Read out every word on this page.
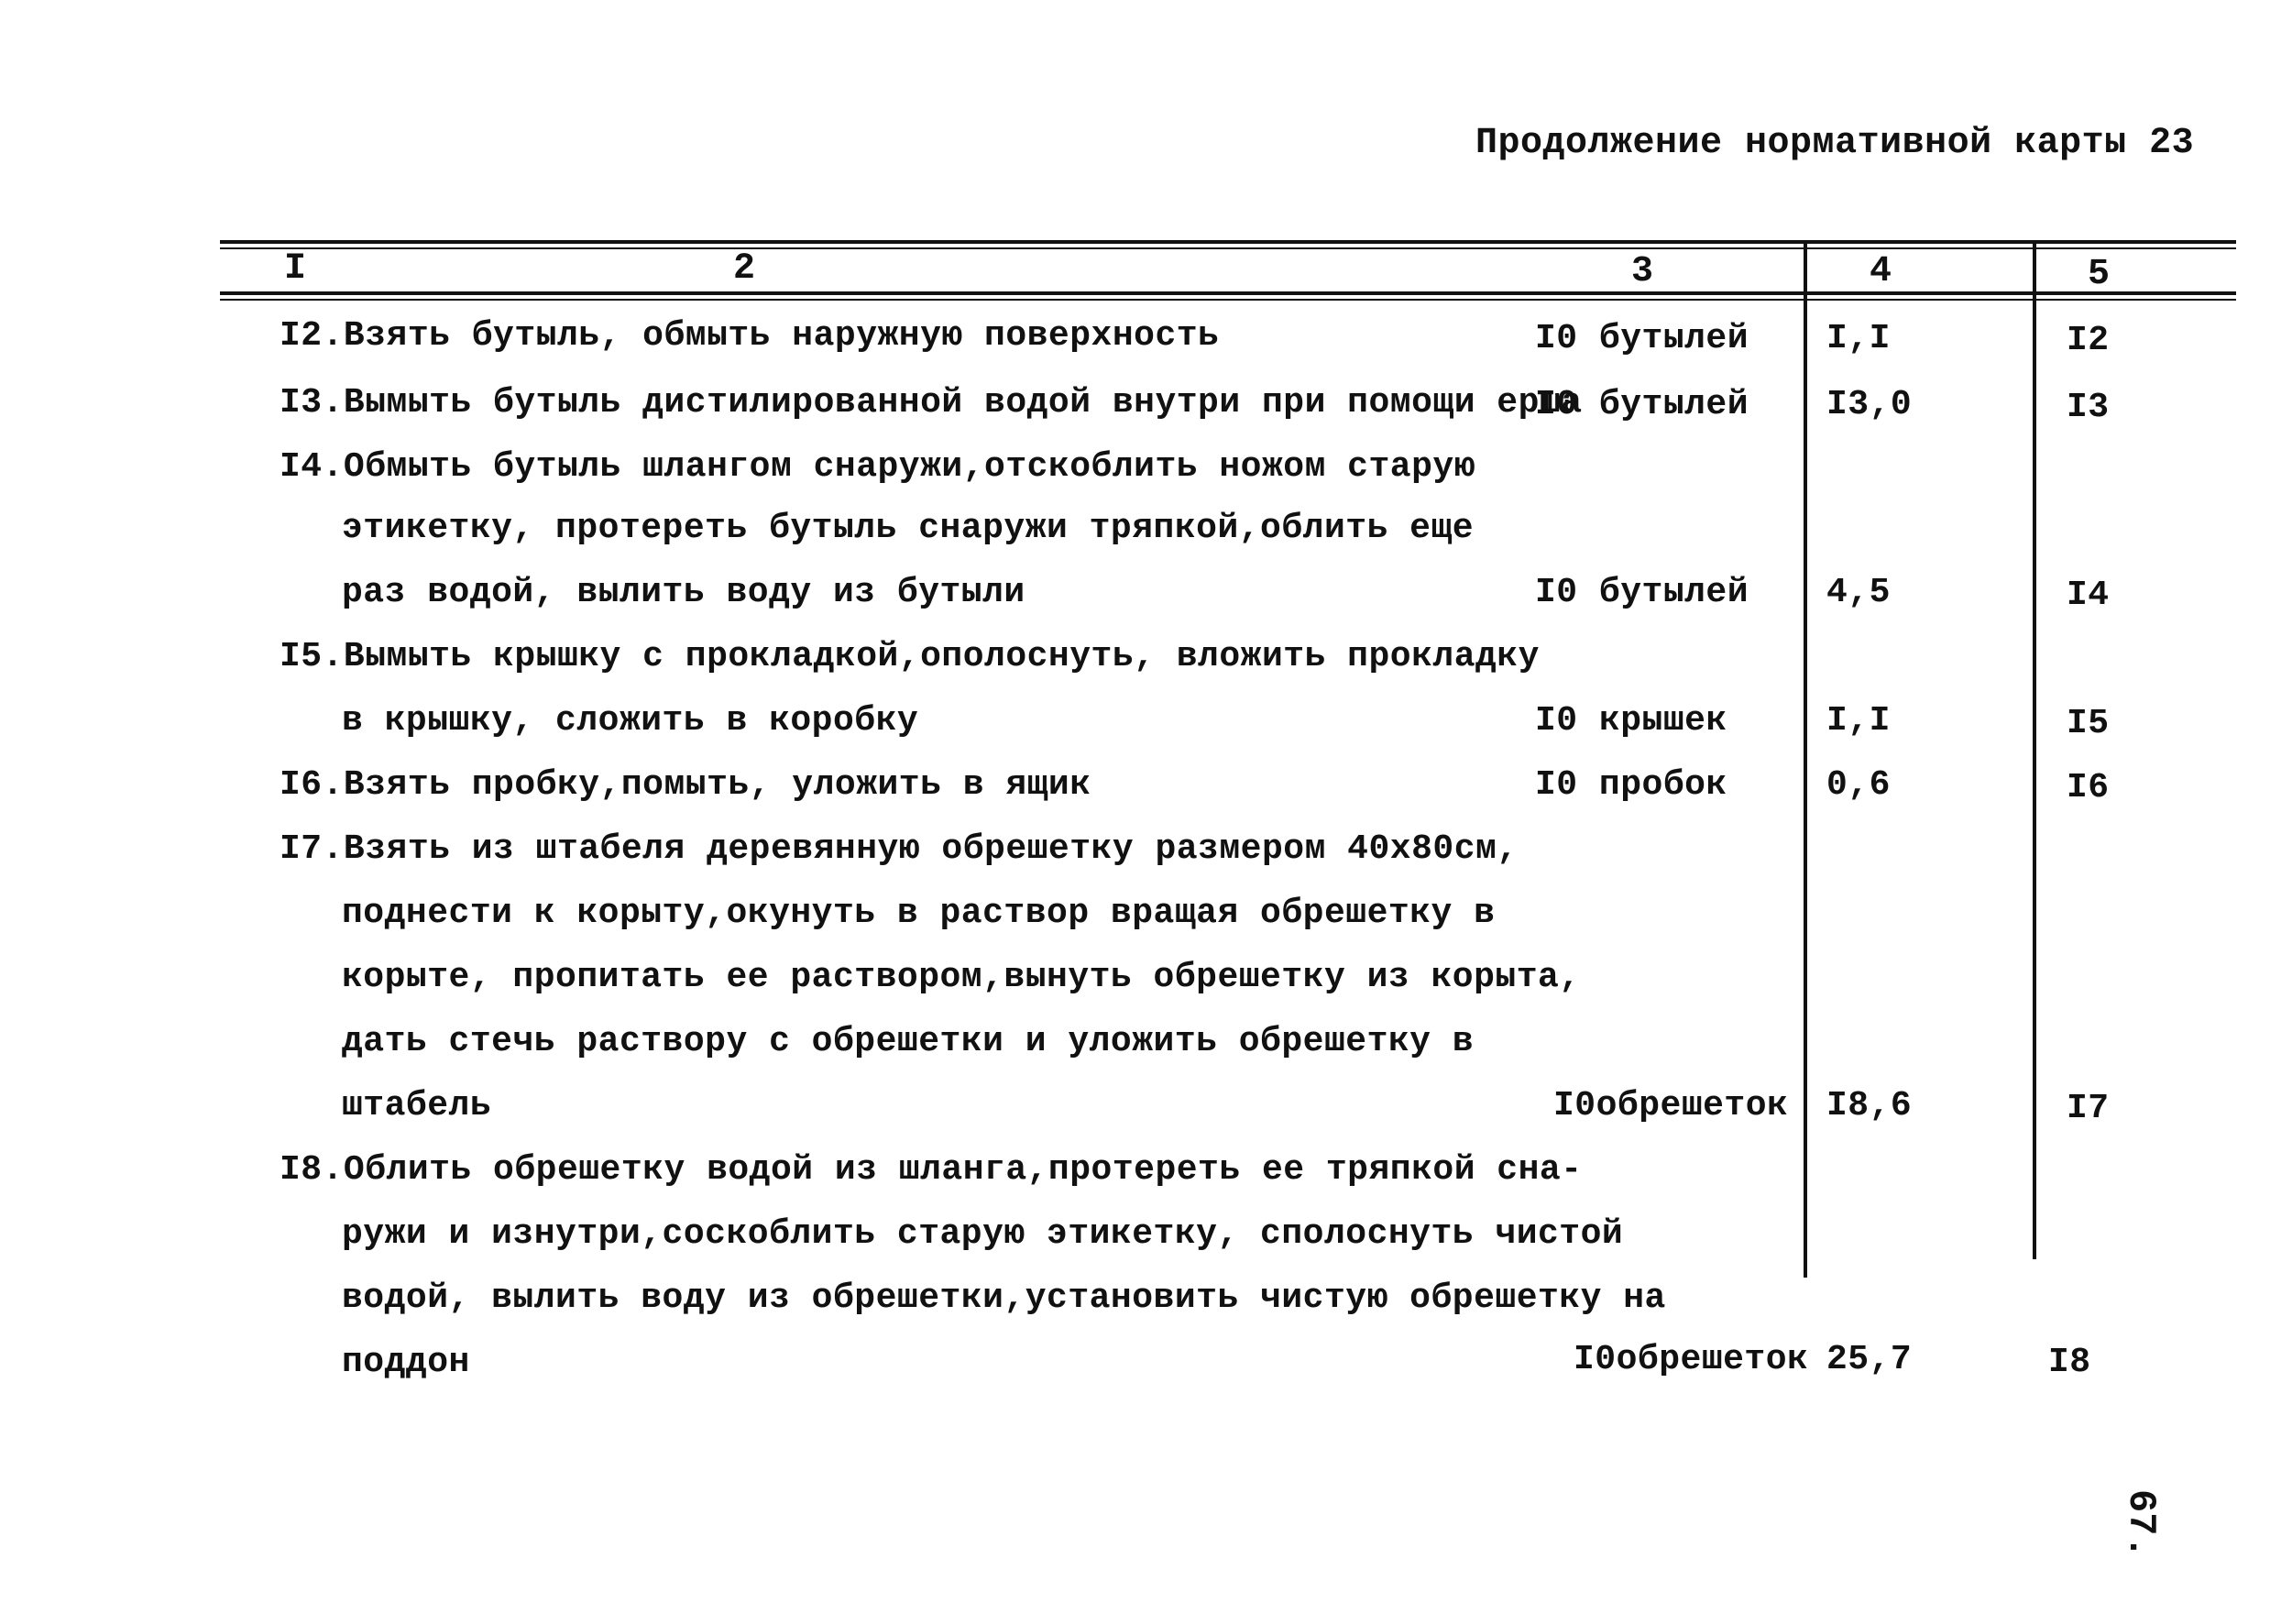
Продолжение нормативной карты 23
I	2	3	4	5
I2.Взять бутыль, обмыть наружную поверхность	I0 бутылей I,I	I2
I3.Вымыть бутыль дистилированной водой внутри при помощи ерша
I0 бутылей I3,0	I3
I4.Обмыть бутыль шлангом снаружи,отскоблить ножом старую
этикетку, протереть бутыль снаружи тряпкой,облить еще
раз водой, вылить воду из бутыли	I0 бутылей 4,5	I4
I5.Вымыть крышку с прокладкой,ополоснуть, вложить прокладку
в крышку, сложить в коробку	I0 крышек	I,I	I5
I6.Взять пробку,помыть, уложить в ящик	I0 пробок	0,6	I6
I7.Взять из штабеля деревянную обрешетку размером 40х80см,
поднести к корыту,окунуть в раствор вращая обрешетку в
корыте, пропитать ее раствором,вынуть обрешетку из корыта,
дать стечь раствору с обрешетки и уложить обрешетку в
штабель	I0обрешеток I8,6	I7
I8.Облить обрешетку водой из шланга,протереть ее тряпкой сна-
ружи и изнутри,соскоблить старую этикетку, сполоснуть чистой
водой, вылить воду из обрешетки,установить чистую обрешетку на
поддон	I0обрешеток 25,7	I8
67.
